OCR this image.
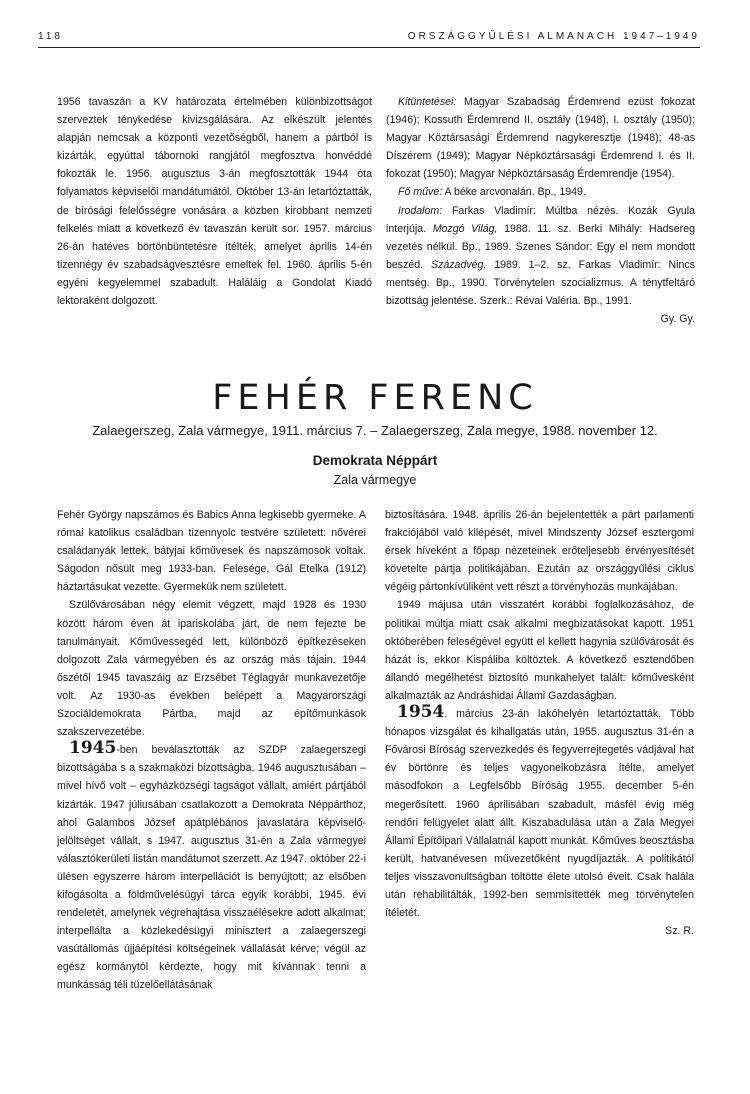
118	ORSZÁGGYŰLÉSI ALMANACH 1947–1949

1956 tavaszán a KV határozata értelmében különbizottságot szerveztek ténykedése kivizsgálására. Az elkészült jelentés alapján nemcsak a központi vezetőségből, hanem a pártból is kizárták, egyúttal tábornoki rangjától megfosztva honvéddé fokozták le. 1956. augusztus 3-án megfosztották 1944 óta folyamatos képviselői mandátumától. Október 13-án letartóztatták, de bírósági felelősségre vonására a közben kirobbant nemzeti felkelés miatt a következő év tavaszán került sor. 1957. március 26-án hatéves börtönbüntetésre ítélték, amelyet április 14-én tizennégy év szabadságvesztésre emeltek fel. 1960. április 5-én egyéni kegyelemmel szabadult. Haláláig a Gondolat Kiadó lektoraként dolgozott.

Kitüntetései: Magyar Szabadság Érdemrend ezüst fokozat (1946); Kossuth Érdemrend II. osztály (1948), I. osztály (1950); Magyar Köztársasági Érdemrend nagykeresztje (1948); 48-as Díszérem (1949); Magyar Népköztársasági Érdemrend I. és II. fokozat (1950); Magyar Népköztársaság Érdemrendje (1954).

Fő műve: A béke arcvonalán. Bp., 1949.

Irodalom: Farkas Vladimír: Múltba nézés. Kozák Gyula interjúja. Mozgó Világ, 1988. 11. sz. Berki Mihály: Hadsereg vezetés nélkül. Bp., 1989. Szenes Sándor: Egy el nem mondott beszéd. Századvég, 1989. 1–2. sz. Farkas Vladimír: Nincs mentség. Bp., 1990. Törvénytelen szocializmus. A ténytfeltáró bizottság jelentése. Szerk.: Révai Valéria. Bp., 1991.

Gy. Gy.

FEHÉR FERENC
Zalaegerszeg, Zala vármegye, 1911. március 7. – Zalaegerszeg, Zala megye, 1988. november 12.
Demokrata Néppárt
Zala vármegye

Fehér György napszámos és Babics Anna legkisebb gyermeke. A római katolikus családban tizennyolc testvére született: nővérei családanyák lettek, bátyjai kőművesek és napszámosok voltak. Ságodon nősült meg 1933-ban. Felesége, Gál Etelka (1912) háztartásukat vezette. Gyermekük nem született.

Szülővárosában négy elemit végzett, majd 1928 és 1930 között három éven át ipariskolába járt, de nem fejezte be tanulmányait. Kőművessegéd lett, különböző építkezéseken dolgozott Zala vármegyében és az ország más tájain. 1944 őszétől 1945 tavaszáig az Erzsébet Téglagyár munkavezetője volt. Az 1930-as években belépett a Magyarországi Szociáldemokrata Pártba, majd az építőmunkások szakszervezetébe.

1945-ben beválasztották az SZDP zalaegerszegi bizottságába s a szakmaközi bizottságba. 1946 augusztusában – mivel hívő volt – egyházközségi tagságot vállalt, amiért pártjából kizárták. 1947 júliusában csatlakozott a Demokrata Néppárthoz, ahol Galambos József apátplébános javaslatára képviselő-jelöltséget vállalt, s 1947. augusztus 31-én a Zala vármegyei választókerületi listán mandátumot szerzett. Az 1947. október 22-i ülésen egyszerre három interpellációt is benyújtott; az elsőben kifogásolta a földművelésügyi tárca egyik korábbi, 1945. évi rendeletét, amelynek végrehajtása visszaélésekre adott alkalmat; interpellálta a közlekedésügyi minisztert a zalaegerszegi vasútállomás újjáépítési költségeinek vállalását kérve; végül az egész kormánytól kérdezte, hogy mit kívánnak tenni a munkásság téli tüzelőellátásának

biztosítására. 1948. április 26-án bejelentették a párt parlamenti frakciójából való kilépését, mivel Mindszenty József esztergomi érsek híveként a főpap nézeteinek erőteljesebb érvényesítését követelte pártja politikájában. Ezután az országgyűlési ciklus végéig pártonkívüliként vett részt a törvényhozás munkájában.

1949 májusa után visszatért korábbi foglalkozásához, de politikai múltja miatt csak alkalmi megbízatásokat kapott. 1951 októberében feleségével együtt el kellett hagynia szülővárosát és házát is, ekkor Kispáliba költöztek. A következő esztendőben állandó megélhetést biztosító munkahelyet talált: kőművesként alkalmazták az Andráshidai Állami Gazdaságban.

1954. március 23-án lakóhelyén letartóztatták. Több hónapos vizsgálat és kihallgatás után, 1955. augusztus 31-én a Fővárosi Bíróság szervezkedés és fegyverrejtegetés vádjával hat év börtönre és teljes vagyonelkobzásra ítélte, amelyet másodfokon a Legfelsőbb Bíróság 1955. december 5-én megerősített. 1960 áprilisában szabadult, másfél évig még rendőri felügyelet alatt állt. Kiszabadulása után a Zala Megyei Állami Építőipari Vállalatnál kapott munkát. Kőműves beosztásba került, hatvanévesen művezetőként nyugdíjazták. A politikától teljes visszavonultságban töltötte élete utolsó éveit. Csak halála után rehabilitálták, 1992-ben semmisítették meg törvénytelen ítéletét.

Sz. R.
